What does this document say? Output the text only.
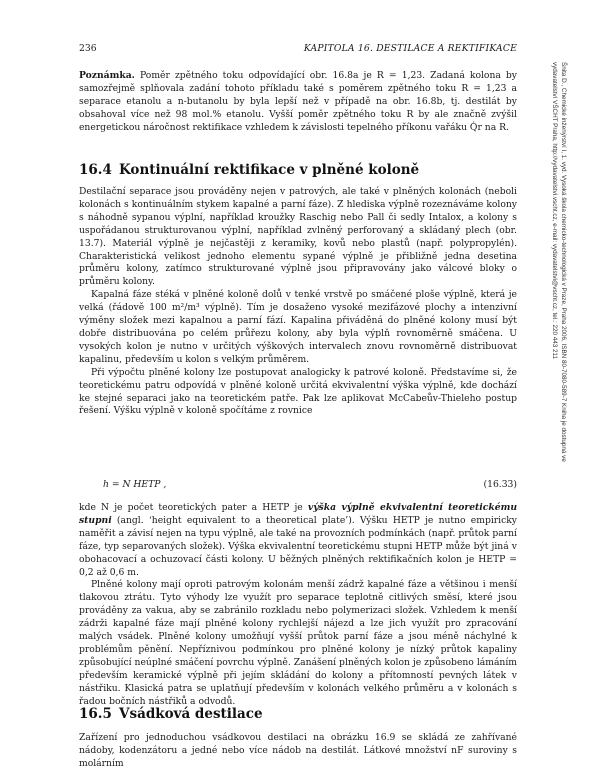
236	KAPITOLA 16. DESTILACE A REKTIFIKACE
Šnita D., Chemické inženýrství I, 1. vyd. Vysoká škola chemicko-technologická v Praze, Praha 2006, ISBN 80-7080-589-7 Kniha je dostupná ve vydavatelství VŠCHT Praha, http://vydavatelstvi.vscht.cz, e-mail: vydavatelstvi@vscht.cz, tel.: 220 443 211

Poznámka. Poměr zpětného toku odpovídající obr. 16.8a je R = 1,23. Zadaná kolona by samozřejmě splňovala zadání tohoto příkladu také s poměrem zpětného toku R = 1,23 a separace etanolu a n-butanolu by byla lepší než v případě na obr. 16.8b, tj. destilát by obsahoval více než 98 mol.% etanolu. Vyšší poměr zpětného toku R by ale značně zvýšil energetickou náročnost rektifikace vzhledem k závislosti tepelného příkonu vařáku Q̇r na R.

16.4 Kontinuální rektifikace v plněné koloně

Destilační separace jsou prováděny nejen v patrových, ale také v plněných kolonách (neboli kolonách s kontinuálním stykem kapalné a parní fáze). Z hlediska výplně rozeznáváme kolony s náhodně sypanou výplní, například kroužky Raschig nebo Pall či sedly Intalox, a kolony s uspořádanou strukturovanou výplní, například zvlněný perforovaný a skládaný plech (obr. 13.7). Materiál výplně je nejčastěji z keramiky, kovů nebo plastů (např. polypropylén). Charakteristická velikost jednoho elementu sypané výplně je přibližně jedna desetina průměru kolony, zatímco strukturované výplně jsou připravovány jako válcové bloky o průměru kolony.

Kapalná fáze stéká v plněné koloně dolů v tenké vrstvě po smáčené ploše výplně, která je velká (řádově 100 m²/m³ výplně). Tím je dosaženo vysoké mezifázové plochy a intenzivní výměny složek mezi kapalnou a parní fází. Kapalina přiváděná do plněné kolony musí být dobře distribuována po celém průřezu kolony, aby byla výplň rovnoměrně smáčena. U vysokých kolon je nutno v určitých výškových intervalech znovu rovnoměrně distribuovat kapalinu, především u kolon s velkým průměrem.

Při výpočtu plněné kolony lze postupovat analogicky k patrové koloně. Představíme si, že teoretickému patru odpovídá v plněné koloně určitá ekvivalentní výška výplně, kde dochází ke stejné separaci jako na teoretickém patře. Pak lze aplikovat McCabeův-Thieleho postup řešení. Výšku výplně v koloně spočítáme z rovnice

h = N HETP ,	(16.33)

kde N je počet teoretických pater a HETP je výška výplně ekvivalentní teoretickému stupni (angl. ‘height equivalent to a theoretical plate’). Výšku HETP je nutno empiricky naměřit a závisí nejen na typu výplně, ale také na provozních podmínkách (např. průtok parní fáze, typ separovaných složek). Výška ekvivalentní teoretickému stupni HETP může být jiná v obohacovací a ochuzovací části kolony. U běžných plněných rektifikačních kolon je HETP = 0,2 až 0,6 m.

Plněné kolony mají oproti patrovým kolonám menší zádrž kapalné fáze a většinou i menší tlakovou ztrátu. Tyto výhody lze využít pro separace teplotně citlivých směsí, které jsou prováděny za vakua, aby se zabránilo rozkladu nebo polymerizaci složek. Vzhledem k menší zádrži kapalné fáze mají plněné kolony rychlejší nájezd a lze jich využít pro zpracování malých vsádek. Plněné kolony umožňují vyšší průtok parní fáze a jsou méně náchylné k problémům pěnění. Nepříznivou podmínkou pro plněné kolony je nízký průtok kapaliny způsobující neúplné smáčení povrchu výplně. Zanášení plněných kolon je způsobeno lámáním především keramické výplně při jejím skládání do kolony a přítomností pevných látek v nástřiku. Klasická patra se uplatňují především v kolonách velkého průměru a v kolonách s řadou bočních nástřiků a odvodů.

16.5 Vsádková destilace

Zařízení pro jednoduchou vsádkovou destilaci na obrázku 16.9 se skládá ze zahřívané nádoby, kodenzátoru a jedné nebo více nádob na destilát. Látkové množství nF suroviny s molárním
